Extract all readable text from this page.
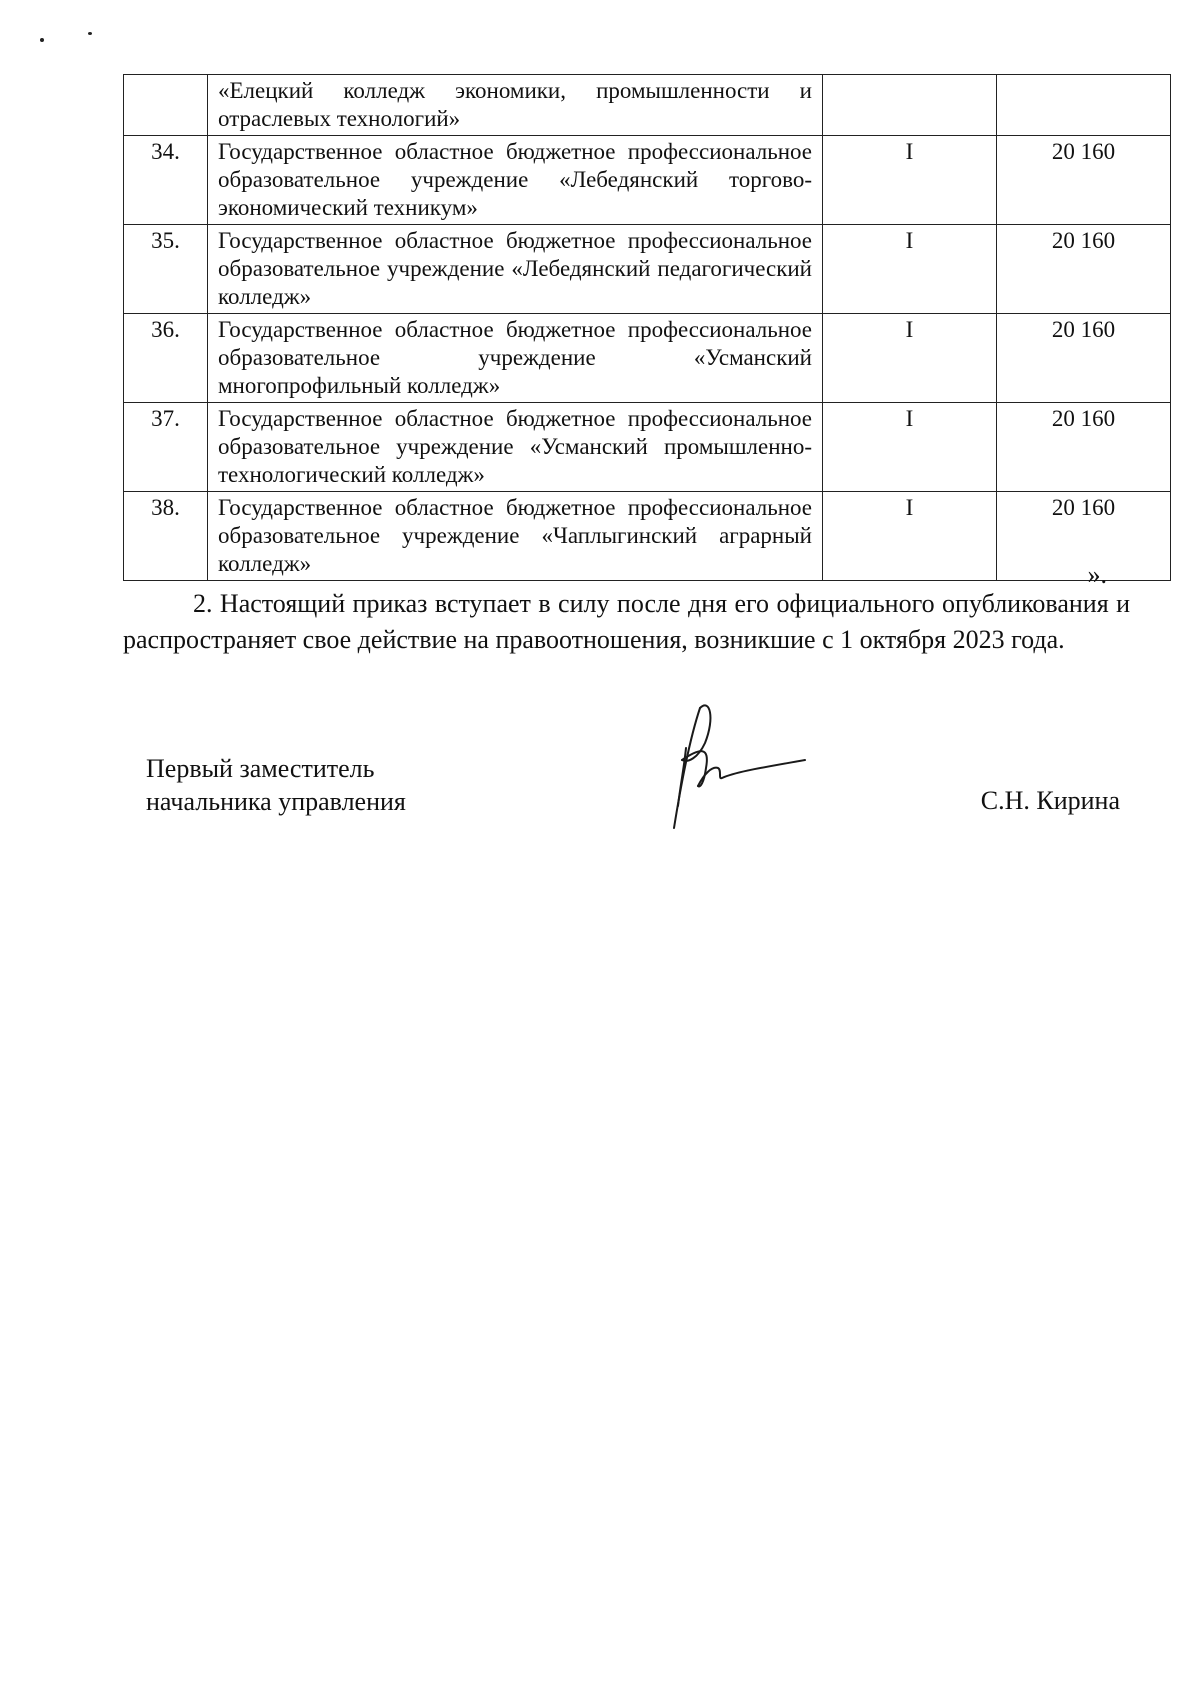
	«Елецкий колледж экономики, промышленности и отраслевых технологий»		
34.	Государственное областное бюджетное профессиональное образовательное учреждение «Лебедянский торгово-экономический техникум»	I	20 160
35.	Государственное областное бюджетное профессиональное образовательное учреждение «Лебедянский педагогический колледж»	I	20 160
36.	Государственное областное бюджетное профессиональное образовательное учреждение «Усманский многопрофильный колледж»	I	20 160
37.	Государственное областное бюджетное профессиональное образовательное учреждение «Усманский промышленно-технологический колледж»	I	20 160
38.	Государственное областное бюджетное профессиональное образовательное учреждение «Чаплыгинский аграрный колледж»	I	20 160
».

2. Настоящий приказ вступает в силу после дня его официального опубликования и распространяет свое действие на правоотношения, возникшие с 1 октября 2023 года.

Первый заместитель
начальника управления	С.Н. Кирина
